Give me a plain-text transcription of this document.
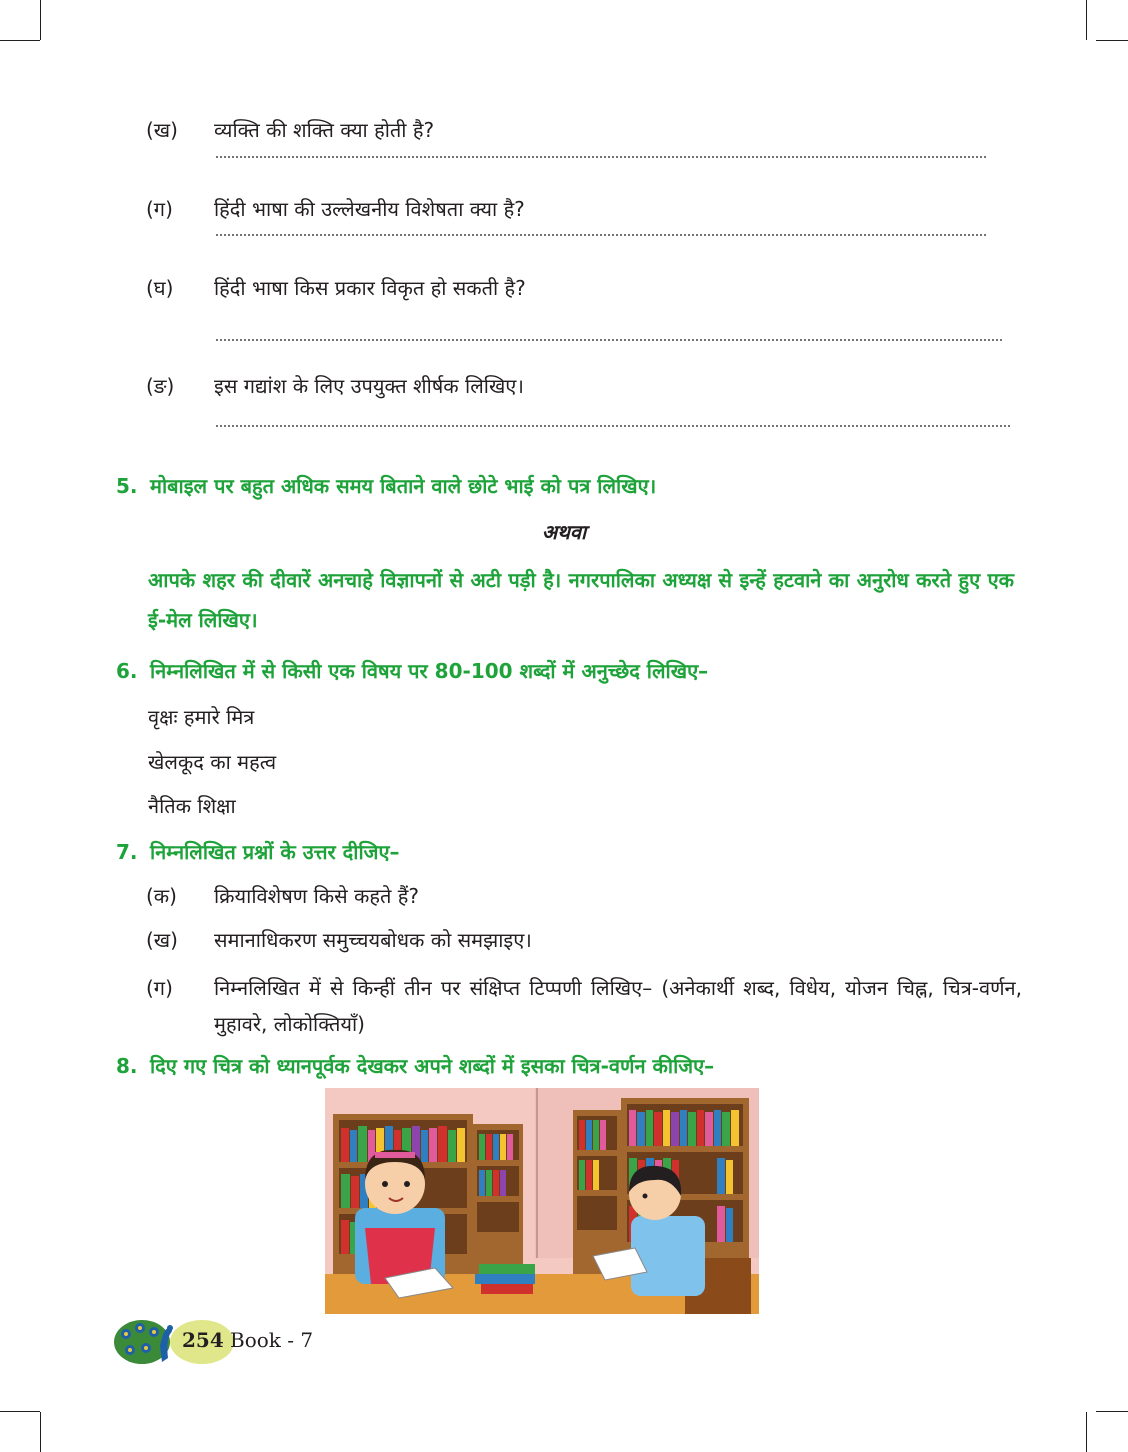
(ख) व्यक्ति की शक्ति क्या होती है?
(ग) हिंदी भाषा की उल्लेखनीय विशेषता क्या है?
(घ) हिंदी भाषा किस प्रकार विकृत हो सकती है?
(ङ) इस गद्यांश के लिए उपयुक्त शीर्षक लिखिए।
5. मोबाइल पर बहुत अधिक समय बिताने वाले छोटे भाई को पत्र लिखिए।
अथवा
आपके शहर की दीवारें अनचाहे विज्ञापनों से अटी पड़ी है। नगरपालिका अध्यक्ष से इन्हें हटवाने का अनुरोध करते हुए एक ई-मेल लिखिए।
6. निम्नलिखित में से किसी एक विषय पर 80-100 शब्दों में अनुच्छेद लिखिए–
वृक्षः हमारे मित्र
खेलकूद का महत्व
नैतिक शिक्षा
7. निम्नलिखित प्रश्नों के उत्तर दीजिए–
(क) क्रियाविशेषण किसे कहते हैं?
(ख) समानाधिकरण समुच्चयबोधक को समझाइए।
(ग)	निम्नलिखित में से किन्हीं तीन पर संक्षिप्त टिप्पणी लिखिए– (अनेकार्थी शब्द, विधेय, योजन चिह्न, चित्र-वर्णन, मुहावरे, लोकोक्तियाँ)
8. दिए गए चित्र को ध्यानपूर्वक देखकर अपने शब्दों में इसका चित्र-वर्णन कीजिए–
254 Book - 7
